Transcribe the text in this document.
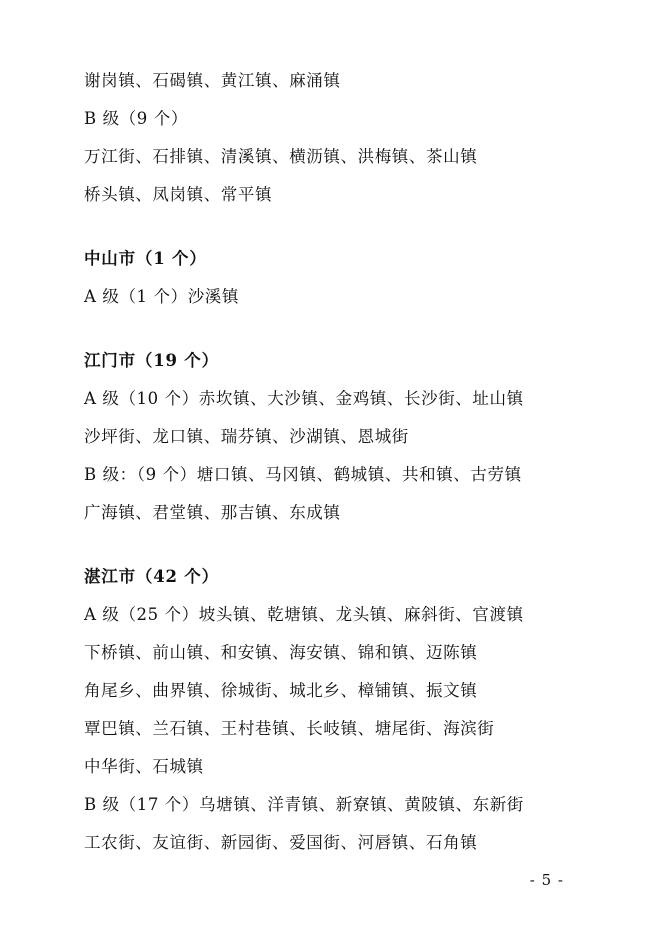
谢岗镇、石碣镇、黄江镇、麻涌镇
B 级（9 个）
万江街、石排镇、清溪镇、横沥镇、洪梅镇、茶山镇
桥头镇、凤岗镇、常平镇
中山市（1 个）
A 级（1 个）沙溪镇
江门市（19 个）
A 级（10 个）赤坎镇、大沙镇、金鸡镇、长沙街、址山镇
沙坪街、龙口镇、瑞芬镇、沙湖镇、恩城街
B 级：（9 个）塘口镇、马冈镇、鹤城镇、共和镇、古劳镇
广海镇、君堂镇、那吉镇、东成镇
湛江市（42 个）
A 级（25 个）坡头镇、乾塘镇、龙头镇、麻斜街、官渡镇
下桥镇、前山镇、和安镇、海安镇、锦和镇、迈陈镇
角尾乡、曲界镇、徐城街、城北乡、樟铺镇、振文镇
覃巴镇、兰石镇、王村巷镇、长岐镇、塘尾街、海滨街
中华街、石城镇
B 级（17 个）乌塘镇、洋青镇、新寮镇、黄陂镇、东新街
工农街、友谊街、新园街、爱国街、河唇镇、石角镇
- 5 -
